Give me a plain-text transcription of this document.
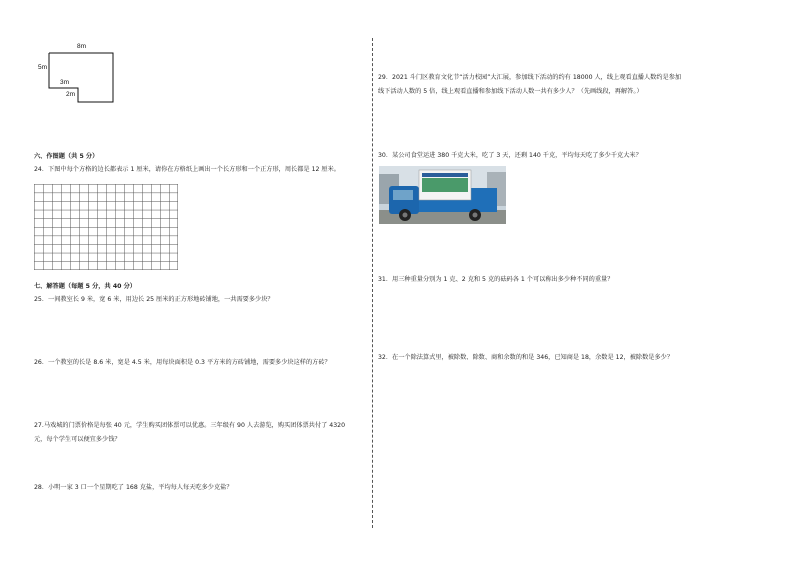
8m
5m
3m
2m
六、作图题（共 5 分）
24．下图中每个方格的边长都表示 1 厘米，请你在方格纸上画出一个长方形和一个正方形，周长都是 12 厘米。
七、解答题（每题 5 分，共 40 分）
25．一间教室长 9 米，宽 6 米，用边长 25 厘米的正方形地砖铺地，一共需要多少块？
26．一个教室的长是 8.6 米，宽是 4.5 米，用每块面积是 0.3 平方米的方砖铺地，需要多少块这样的方砖？
27.马戏城的门票价格是每张 40 元，学生购买团体票可以优惠。三年级有 90 人去游览，购买团体票共付了 4320
元，每个学生可以便宜多少钱？
28．小明一家 3 口一个星期吃了 168 克盐，平均每人每天吃多少克盐？
29．2021 斗门区教育文化节“活力校园”大汇展，参加线下活动的约有 18000 人，线上观看直播人数约是参加
线下活动人数的 5 倍，线上观看直播和参加线下活动人数一共有多少人？（先画线段，再解答。）
30．某公司食堂运进 380 千克大米，吃了 3 天，还剩 140 千克，平均每天吃了多少千克大米？
31．用三种重量分别为 1 克、2 克和 5 克的砝码各 1 个可以称出多少种不同的重量？
32．在一个除法算式里，被除数、除数、商和余数的和是 346，已知商是 18，余数是 12，被除数是多少？
